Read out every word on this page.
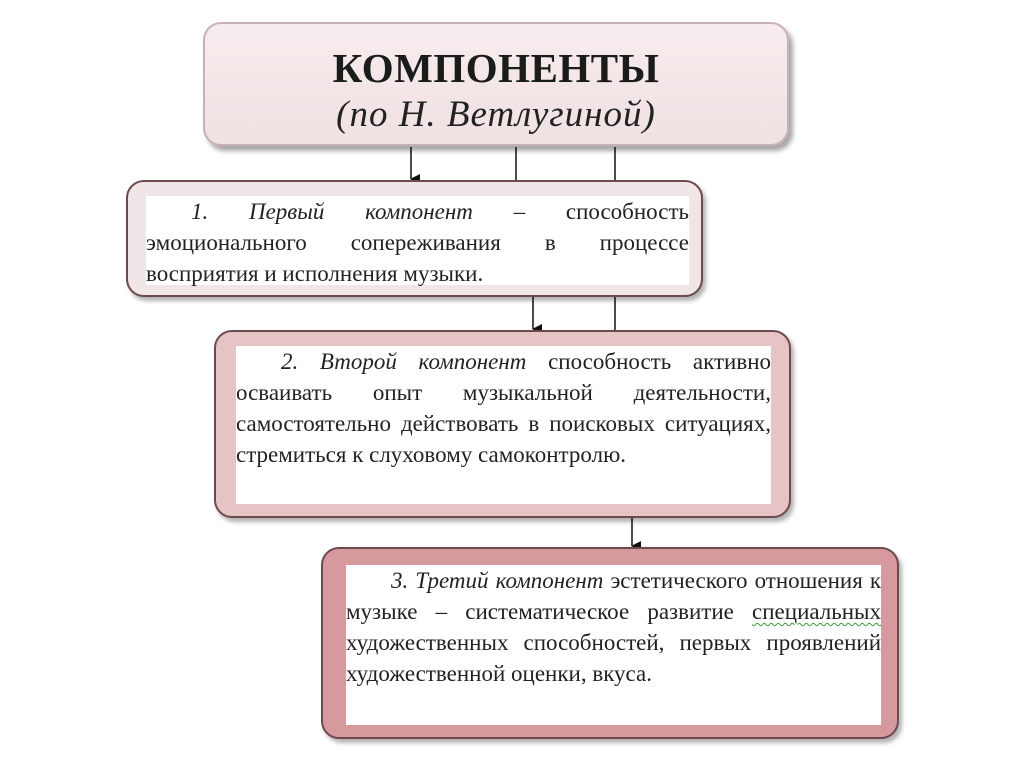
КОМПОНЕНТЫ
(по Н. Ветлугиной)

1. Первый компонент – способность эмоционального сопереживания в процессе восприятия и исполнения музыки.

2. Второй компонент способность активно осваивать опыт музыкальной деятельности, самостоятельно действовать в поисковых ситуациях, стремиться к слуховому самоконтролю.

3. Третий компонент эстетического отношения к музыке – систематическое развитие специальных художественных способностей, первых проявлений художественной оценки, вкуса.
